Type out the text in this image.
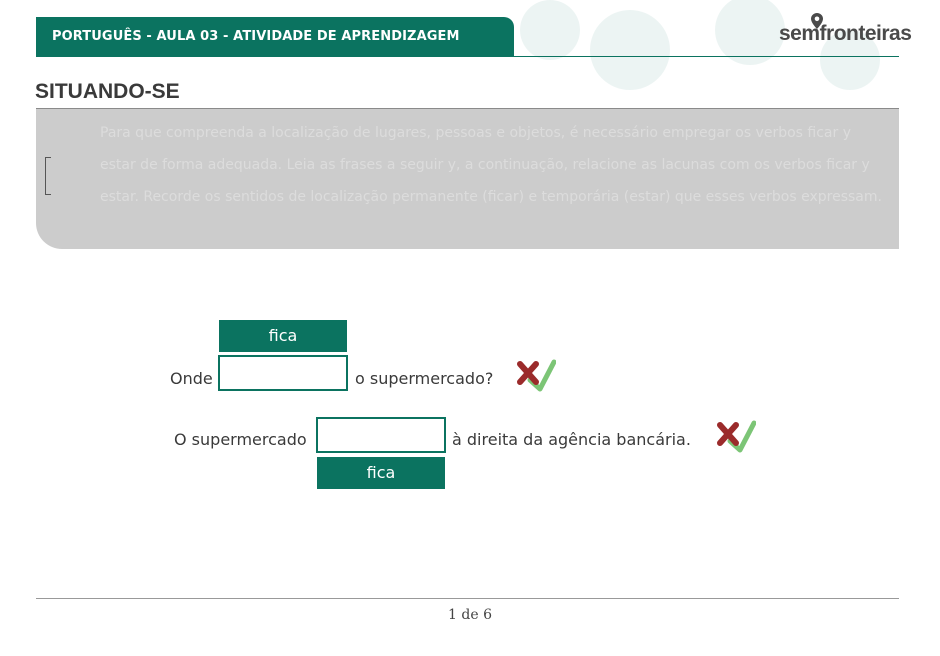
PORTUGUÊS - AULA 03 - ATIVIDADE DE APRENDIZAGEM	semfronteiras
SITUANDO-SE
Para que compreenda a localização de lugares, pessoas e objetos, é necessário empregar os verbos ficar y estar de forma adequada. Leia as frases a seguir y, a continuação, relacione as lacunas com os verbos ficar y estar. Recorde os sentidos de localização permanente (ficar) e temporária (estar) que esses verbos expressam.
fica
Onde	o supermercado?
O supermercado	à direita da agência bancária.
fica
1 de 6
